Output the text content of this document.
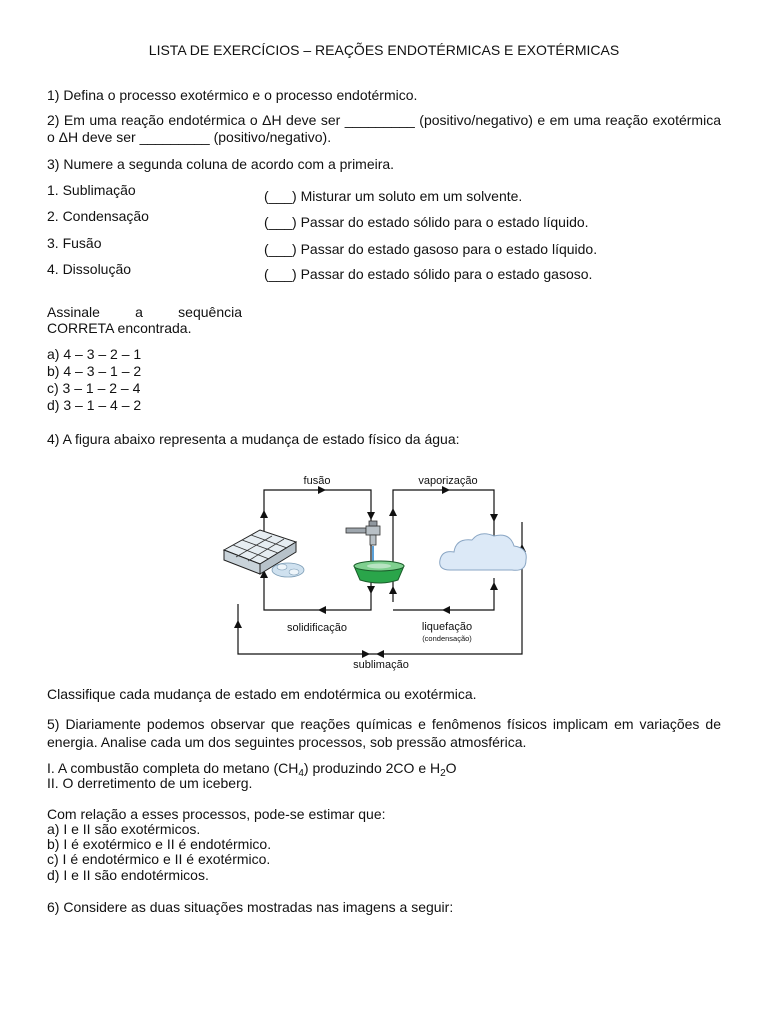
LISTA DE EXERCÍCIOS – REAÇÕES ENDOTÉRMICAS E EXOTÉRMICAS
1) Defina o processo exotérmico e o processo endotérmico.
2) Em uma reação endotérmica o ΔH deve ser _________ (positivo/negativo) e em uma reação exotérmica
o ΔH deve ser _________ (positivo/negativo).
3) Numere a segunda coluna de acordo com a primeira.
1. Sublimação
2. Condensação
3. Fusão
4. Dissolução
(___) Misturar um soluto em um solvente.
(___) Passar do estado sólido para o estado líquido.
(___) Passar do estado gasoso para o estado líquido.
(___) Passar do estado sólido para o estado gasoso.
Assinale a sequência
CORRETA encontrada.
a) 4 – 3 – 2 – 1
b) 4 – 3 – 1 – 2
c) 3 – 1 – 2 – 4
d) 3 – 1 – 4 – 2
4) A figura abaixo representa a mudança de estado físico da água:
fusão	vaporização
solidificação	liquefação
(condensação)
sublimação
Classifique cada mudança de estado em endotérmica ou exotérmica.
5) Diariamente podemos observar que reações químicas e fenômenos físicos implicam em variações de
energia. Analise cada um dos seguintes processos, sob pressão atmosférica.
I. A combustão completa do metano $(CH_4)$ produzindo 2CO e $H_2O$
II. O derretimento de um iceberg.
Com relação a esses processos, pode-se estimar que:
a) I e II são exotérmicos.
b) I é exotérmico e II é endotérmico.
c) I é endotérmico e II é exotérmico.
d) I e II são endotérmicos.
6) Considere as duas situações mostradas nas imagens a seguir:
